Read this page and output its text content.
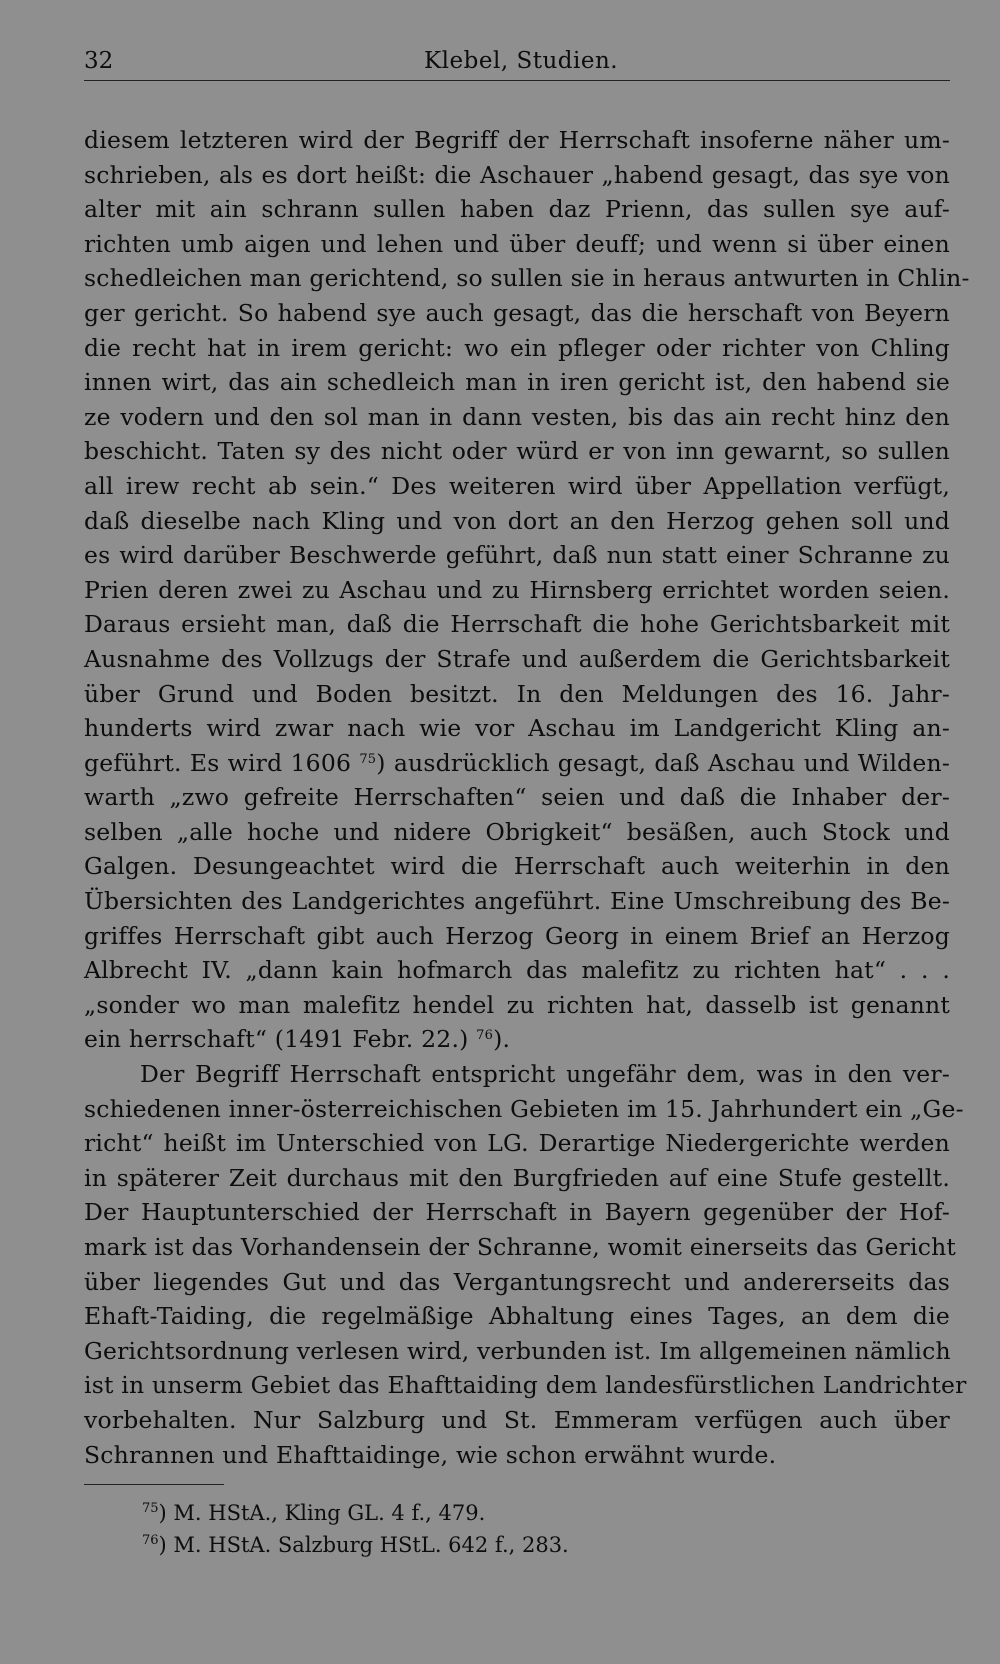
32	Klebel, Studien.

diesem letzteren wird der Begriff der Herrschaft insoferne näher um-
schrieben, als es dort heißt: die Aschauer „habend gesagt, das sye von
alter mit ain schrann sullen haben daz Prienn, das sullen sye auf-
richten umb aigen und lehen und über deuff; und wenn si über einen
schedleichen man gerichtend, so sullen sie in heraus antwurten in Chlin-
ger gericht. So habend sye auch gesagt, das die herschaft von Beyern
die recht hat in irem gericht: wo ein pfleger oder richter von Chling
innen wirt, das ain schedleich man in iren gericht ist, den habend sie
ze vodern und den sol man in dann vesten, bis das ain recht hinz den
beschicht. Taten sy des nicht oder würd er von inn gewarnt, so sullen
all irew recht ab sein.“ Des weiteren wird über Appellation verfügt,
daß dieselbe nach Kling und von dort an den Herzog gehen soll und
es wird darüber Beschwerde geführt, daß nun statt einer Schranne zu
Prien deren zwei zu Aschau und zu Hirnsberg errichtet worden seien.
Daraus ersieht man, daß die Herrschaft die hohe Gerichtsbarkeit mit
Ausnahme des Vollzugs der Strafe und außerdem die Gerichtsbarkeit
über Grund und Boden besitzt. In den Meldungen des 16. Jahr-
hunderts wird zwar nach wie vor Aschau im Landgericht Kling an-
geführt. Es wird 1606 $^{75}$) ausdrücklich gesagt, daß Aschau und Wilden-
warth „zwo gefreite Herrschaften“ seien und daß die Inhaber der-
selben „alle hoche und nidere Obrigkeit“ besäßen, auch Stock und
Galgen. Desungeachtet wird die Herrschaft auch weiterhin in den
Übersichten des Landgerichtes angeführt. Eine Umschreibung des Be-
griffes Herrschaft gibt auch Herzog Georg in einem Brief an Herzog
Albrecht IV. „dann kain hofmarch das malefitz zu richten hat“ . . .
„sonder wo man malefitz hendel zu richten hat, dasselb ist genannt
ein herrschaft“ (1491 Febr. 22.) $^{76}$).

Der Begriff Herrschaft entspricht ungefähr dem, was in den ver-
schiedenen inner-österreichischen Gebieten im 15. Jahrhundert ein „Ge-
richt“ heißt im Unterschied von LG. Derartige Niedergerichte werden
in späterer Zeit durchaus mit den Burgfrieden auf eine Stufe gestellt.
Der Hauptunterschied der Herrschaft in Bayern gegenüber der Hof-
mark ist das Vorhandensein der Schranne, womit einerseits das Gericht
über liegendes Gut und das Vergantungsrecht und andererseits das
Ehaft-Taiding, die regelmäßige Abhaltung eines Tages, an dem die
Gerichtsordnung verlesen wird, verbunden ist. Im allgemeinen nämlich
ist in unserm Gebiet das Ehafttaiding dem landesfürstlichen Landrichter
vorbehalten. Nur Salzburg und St. Emmeram verfügen auch über
Schrannen und Ehafttaidinge, wie schon erwähnt wurde.

$^{75}$) M. HStA., Kling GL. 4 f., 479.
$^{76}$) M. HStA. Salzburg HStL. 642 f., 283.
